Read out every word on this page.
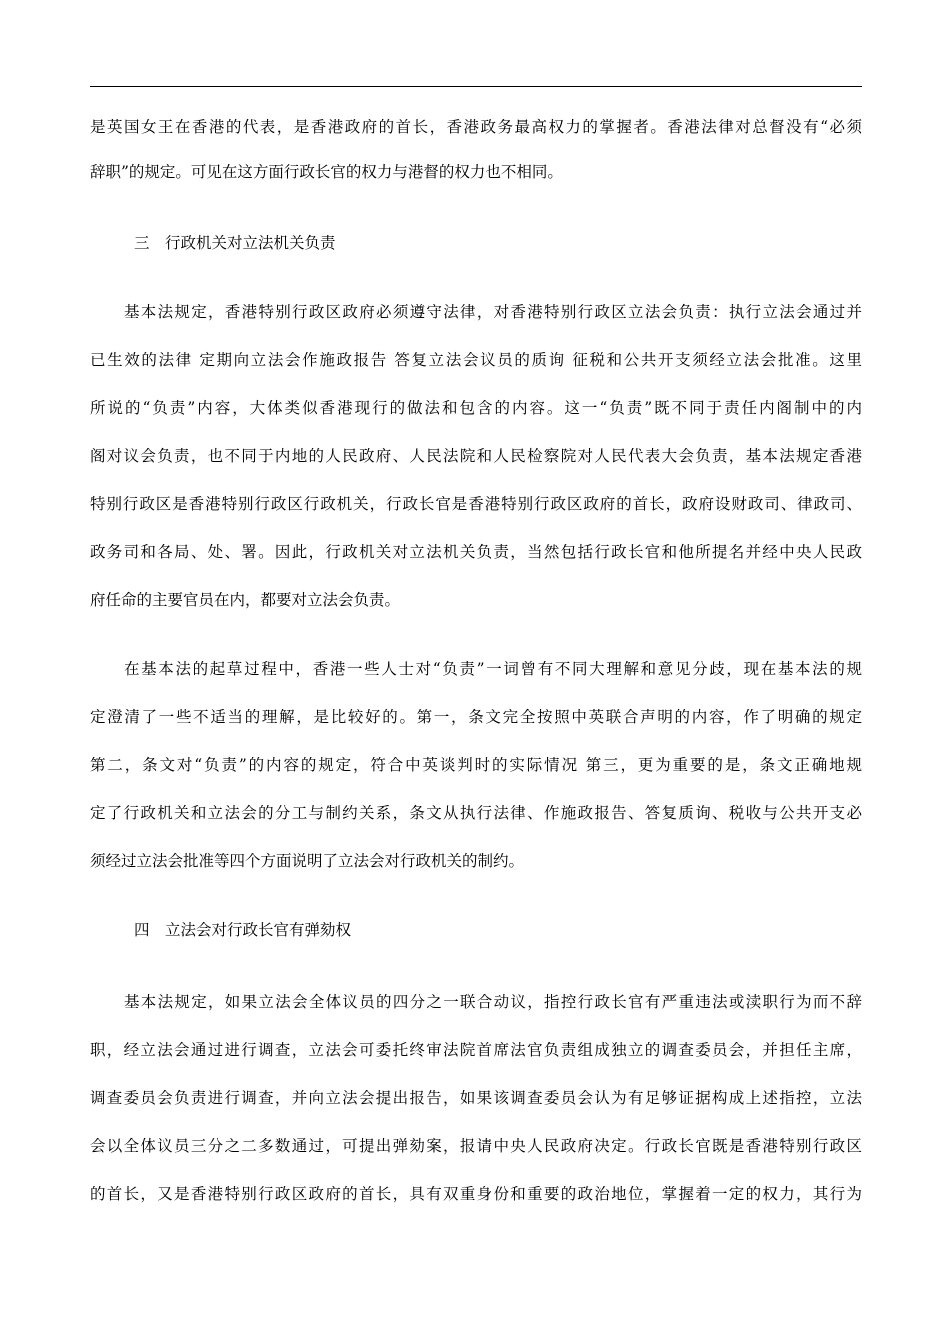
是英国女王在香港的代表，是香港政府的首长，香港政务最高权力的掌握者。香港法律对总督没有“必须
辞职”的规定。可见在这方面行政长官的权力与港督的权力也不相同。
三　行政机关对立法机关负责
基本法规定，香港特别行政区政府必须遵守法律，对香港特别行政区立法会负责：执行立法会通过并
已生效的法律 定期向立法会作施政报告 答复立法会议员的质询 征税和公共开支须经立法会批准。这里
所说的“负责”内容，大体类似香港现行的做法和包含的内容。这一“负责”既不同于责任内阁制中的内
阁对议会负责，也不同于内地的人民政府、人民法院和人民检察院对人民代表大会负责，基本法规定香港
特别行政区是香港特别行政区行政机关，行政长官是香港特别行政区政府的首长，政府设财政司、律政司、
政务司和各局、处、署。因此，行政机关对立法机关负责，当然包括行政长官和他所提名并经中央人民政
府任命的主要官员在内，都要对立法会负责。
在基本法的起草过程中，香港一些人士对“负责”一词曾有不同大理解和意见分歧，现在基本法的规
定澄清了一些不适当的理解，是比较好的。第一，条文完全按照中英联合声明的内容，作了明确的规定
第二，条文对“负责”的内容的规定，符合中英谈判时的实际情况 第三，更为重要的是，条文正确地规
定了行政机关和立法会的分工与制约关系，条文从执行法律、作施政报告、答复质询、税收与公共开支必
须经过立法会批准等四个方面说明了立法会对行政机关的制约。
四　立法会对行政长官有弹劾权
基本法规定，如果立法会全体议员的四分之一联合动议，指控行政长官有严重违法或渎职行为而不辞
职，经立法会通过进行调查，立法会可委托终审法院首席法官负责组成独立的调查委员会，并担任主席，
调查委员会负责进行调查，并向立法会提出报告，如果该调查委员会认为有足够证据构成上述指控，立法
会以全体议员三分之二多数通过，可提出弹劾案，报请中央人民政府决定。行政长官既是香港特别行政区
的首长，又是香港特别行政区政府的首长，具有双重身份和重要的政治地位，掌握着一定的权力，其行为
